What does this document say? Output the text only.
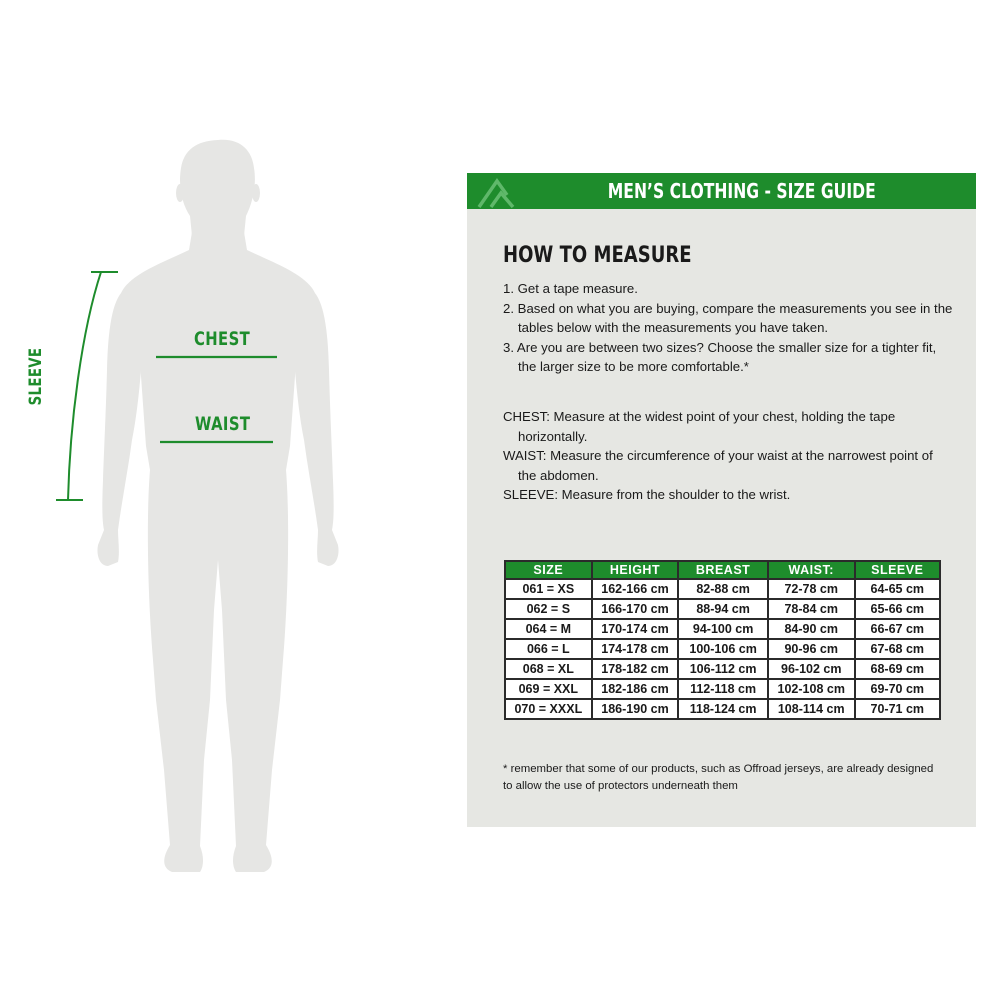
CHEST
WAIST
SLEEVE
MEN’S CLOTHING - SIZE GUIDE
HOW TO MEASURE
1. Get a tape measure.
2. Based on what you are buying, compare the measurements you see in the tables below with the measurements you have taken.
3. Are you are between two sizes? Choose the smaller size for a tighter fit, the larger size to be more comfortable.*
CHEST: Measure at the widest point of your chest, holding the tape horizontally.
WAIST: Measure the circumference of your waist at the narrowest point of the abdomen.
SLEEVE: Measure from the shoulder to the wrist.
SIZE	HEIGHT	BREAST	WAIST:	SLEEVE
061 = XS	162-166 cm	82-88 cm	72-78 cm	64-65 cm
062 = S	166-170 cm	88-94 cm	78-84 cm	65-66 cm
064 = M	170-174 cm	94-100 cm	84-90 cm	66-67 cm
066 = L	174-178 cm	100-106 cm	90-96 cm	67-68 cm
068 = XL	178-182 cm	106-112 cm	96-102 cm	68-69 cm
069 = XXL	182-186 cm	112-118 cm	102-108 cm	69-70 cm
070 = XXXL	186-190 cm	118-124 cm	108-114 cm	70-71 cm
* remember that some of our products, such as Offroad jerseys, are already designed to allow the use of protectors underneath them
